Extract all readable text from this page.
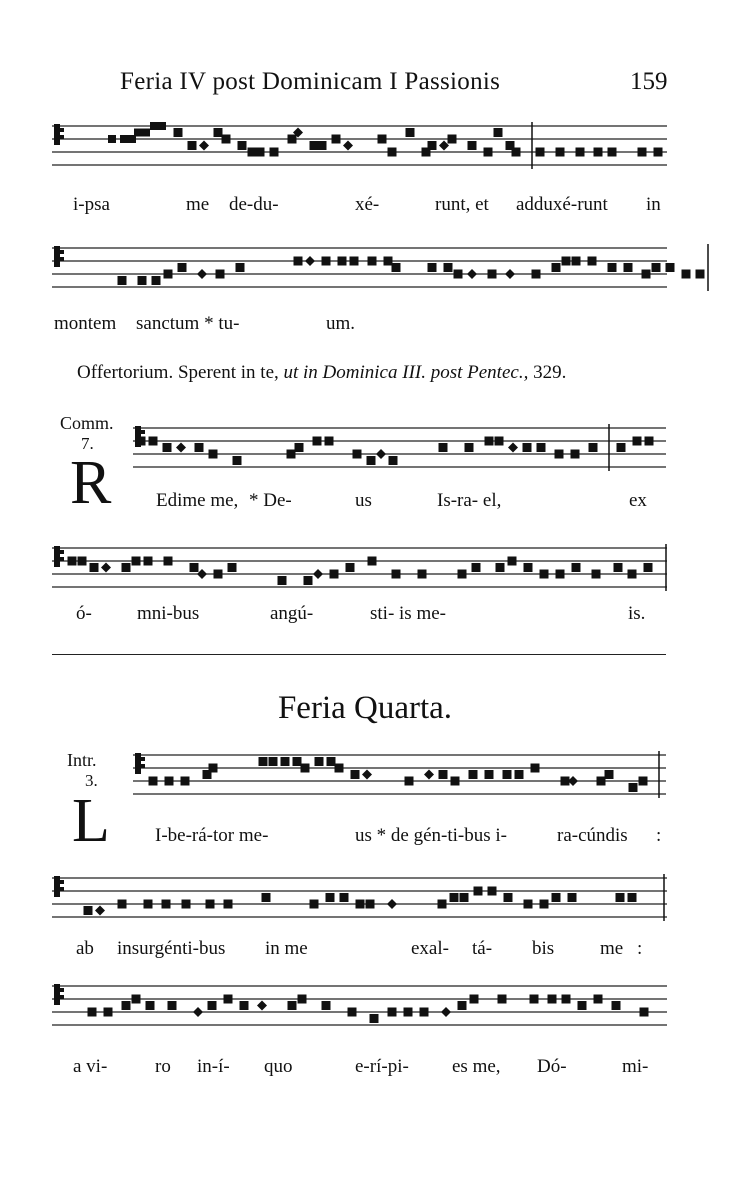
Feria IV post Dominicam I Passionis	159
i-psa	me de-du-	xé-	runt, et adduxé-runt in
montem sanctum * tu-	um.
Offertorium. Sperent in te, ut in Dominica III. post Pentec., 329.
Comm.
7.
R Edime me, * De-	us	Is-ra- el,	ex
ó- mni-bus	angú-	sti- is me-	is.
Feria Quarta.
Intr.
3.
L I-be-rá-tor me-	us * de gén-ti-bus i-	ra-cúndis :
ab insurgénti-bus in me	exal- tá- bis me :
a vi-	ro in-í- quo	e-rí-pi- es me, Dó-	mi-
